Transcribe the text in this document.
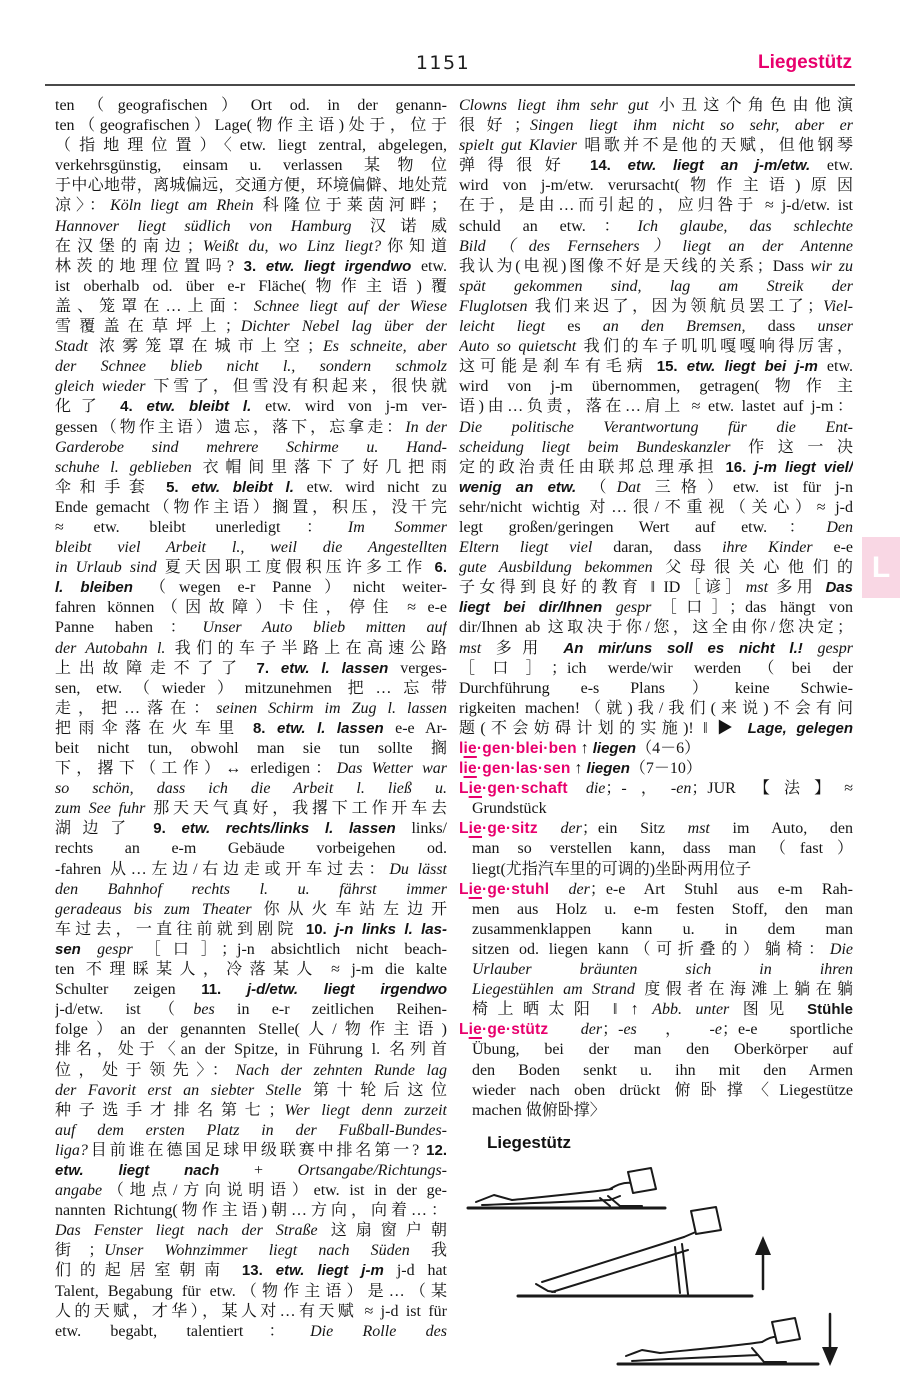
1151	Liegestütz
ten（geografischen）Ort od. in der genann-
ten（geografischen）Lage(物作主语)处于，位于
（指地理位置）〈etw. liegt zentral, abgelegen,
verkehrsgünstig, einsam u. verlassen 某物位
于中心地带，离城偏远，交通方便，环境偏僻、地处荒
凉〉：Köln liegt am Rhein 科隆位于莱茵河畔；
Hannover liegt südlich von Hamburg 汉诺威
在汉堡的南边；Weißt du, wo Linz liegt?你知道
林茨的地理位置吗? 3. etw. liegt irgendwo etw.
ist oberhalb od. über e-r Fläche(物作主语)覆
盖、笼罩在…上面：Schnee liegt auf der Wiese
雪覆盖在草坪上；Dichter Nebel lag über der
Stadt 浓雾笼罩在城市上空；Es schneite, aber
der Schnee blieb nicht l., sondern schmolz
gleich wieder 下雪了，但雪没有积起来，很快就
化了 4. etw. bleibt l. etw. wird von j-m ver-
gessen（物作主语）遗忘，落下，忘拿走：In der
Garderobe sind mehrere Schirme u. Hand-
schuhe l. geblieben 衣帽间里落下了好几把雨
伞和手套 5. etw. bleibt l. etw. wird nicht zu
Ende gemacht（物作主语）搁置，积压，没干完
≈ etw. bleibt unerledigt：Im Sommer
bleibt viel Arbeit l., weil die Angestellten
in Urlaub sind 夏天因职工度假积压许多工作 6.
l. bleiben （wegen e-r Panne）nicht weiter-
fahren können（因故障）卡住，停住 ≈ e-e
Panne haben：Unser Auto blieb mitten auf
der Autobahn l. 我们的车子半路上在高速公路
上出故障走不了了 7. etw. l. lassen verges-
sen, etw.（wieder）mitzunehmen 把…忘带
走，把…落在：seinen Schirm im Zug l. lassen
把雨伞落在火车里 8. etw. l. lassen e-e Ar-
beit nicht tun, obwohl man sie tun sollte 搁
下，撂下（工作）↔ erledigen：Das Wetter war
so schön, dass ich die Arbeit l. ließ u.
zum See fuhr 那天天气真好，我撂下工作开车去
湖边了 9. etw. rechts/links l. lassen links/
rechts an e-m Gebäude vorbeigehen od.
-fahren 从…左边/右边走或开车过去：Du lässt
den Bahnhof rechts l. u. fährst immer
geradeaus bis zum Theater 你从火车站左边开
车过去，一直往前就到剧院 10. j-n links l. las-
sen gespr［口］；j-n absichtlich nicht beach-
ten 不理睬某人，冷落某人 ≈ j-m die kalte
Schulter zeigen 11. j-d/etw. liegt irgendwo
j-d/etw. ist（bes in e-r zeitlichen Reihen-
folge）an der genannten Stelle(人/物作主语)
排名，处于〈an der Spitze, in Führung l. 名列首
位，处于领先〉：Nach der zehnten Runde lag
der Favorit erst an siebter Stelle 第十轮后这位
种子选手才排名第七；Wer liegt denn zurzeit
auf dem ersten Platz in der Fußball-Bundes-
liga?目前谁在德国足球甲级联赛中排名第一? 12.
etw. liegt nach + Ortsangabe/Richtungs-
angabe（地点/方向说明语）etw. ist in der ge-
nannten Richtung(物作主语)朝…方向，向着…：
Das Fenster liegt nach der Straße 这扇窗户朝
街；Unser Wohnzimmer liegt nach Süden 我
们的起居室朝南 13. etw. liegt j-m j-d hat
Talent, Begabung für etw.（物作主语）是…（某
人的天赋，才华），某人对…有天赋 ≈ j-d ist für
etw. begabt, talentiert：Die Rolle des
Clowns liegt ihm sehr gut 小丑这个角色由他演
很好；Singen liegt ihm nicht so sehr, aber er
spielt gut Klavier 唱歌并不是他的天赋，但他钢琴
弹得很好 14. etw. liegt an j-m/etw. etw.
wird von j-m/etw. verursacht(物作主语)原因
在于，是由…而引起的，应归咎于 ≈ j-d/etw. ist
schuld an etw.：Ich glaube, das schlechte
Bild（des Fernsehers）liegt an der Antenne
我认为(电视)图像不好是天线的关系；Dass wir zu
spät gekommen sind, lag am Streik der
Fluglotsen 我们来迟了，因为领航员罢工了；Viel-
leicht liegt es an den Bremsen, dass unser
Auto so quietscht 我们的车子叽叽嘎嘎响得厉害，
这可能是刹车有毛病 15. etw. liegt bei j-m etw.
wird von j-m übernommen, getragen(物作主
语)由…负责，落在…肩上 ≈ etw. lastet auf j-m：
Die politische Verantwortung für die Ent-
scheidung liegt beim Bundeskanzler 作这一决
定的政治责任由联邦总理承担 16. j-m liegt viel/
wenig an etw. （Dat 三格）etw. ist für j-n
sehr/nicht wichtig 对…很/不重视（关心）≈ j-d
legt großen/geringen Wert auf etw.：Den
Eltern liegt viel daran, dass ihre Kinder e-e
gute Ausbildung bekommen 父母很关心他们的
子女得到良好的教育 ‖ ID［谚］mst 多用 Das
liegt bei dir/Ihnen gespr［口］；das hängt von
dir/Ihnen ab 这取决于你/您，这全由你/您决定；
mst 多用 An mir/uns soll es nicht l.! gespr
［口］；ich werde/wir werden（bei der
Durchführung e-s Plans）keine Schwie-
rigkeiten machen!（就)我/我们(来说)不会有问
题(不会妨碍计划的实施)! ‖ ▶ Lage, gelegen
lie·gen·blei·ben ↑ liegen（4－6）
lie·gen·las·sen ↑ liegen（7－10）
Lie·gen·schaft die；-，-en；JUR 【法】≈
Grundstück
Lie·ge·sitz der；ein Sitz mst im Auto, den
man so verstellen kann, dass man（fast）
liegt(尤指汽车里的可调的)坐卧两用位子
Lie·ge·stuhl der；e-e Art Stuhl aus e-m Rah-
men aus Holz u. e-m festen Stoff, den man
zusammenklappen kann u. in dem man
sitzen od. liegen kann（可折叠的）躺椅：Die
Urlauber bräunten sich in ihren
Liegestühlen am Strand 度假者在海滩上躺在躺
椅上晒太阳 ‖ ↑ Abb. unter 图见 Stühle
Lie·ge·stütz der；-es，-e；e-e sportliche
Übung, bei der man den Oberkörper auf
den Boden senkt u. ihn mit den Armen
wieder nach oben drückt 俯卧撑〈Liegestütze
machen 做俯卧撑〉
L
Liegestütz
